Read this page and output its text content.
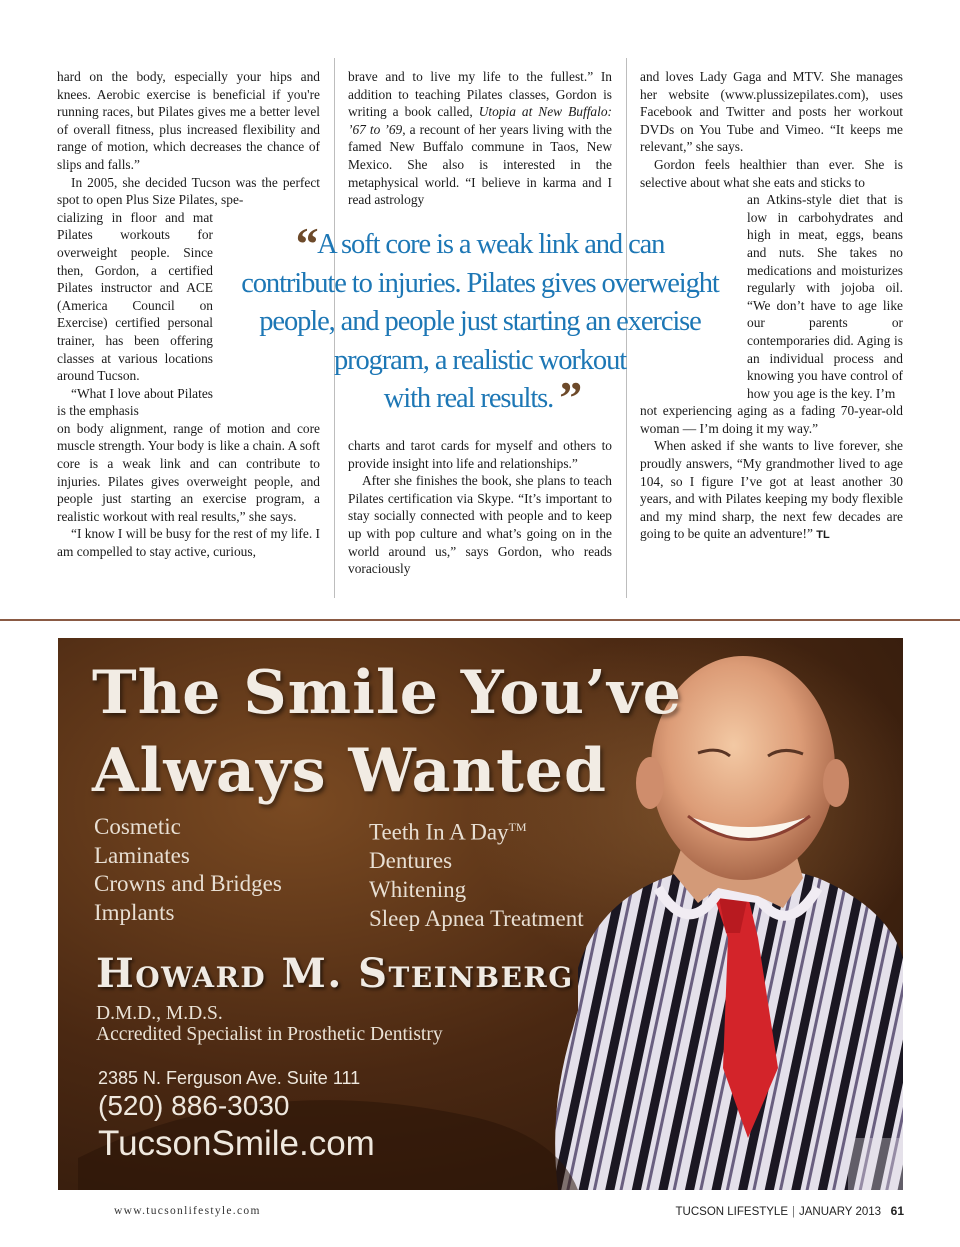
hard on the body, especially your hips and knees. Aerobic exercise is beneficial if you're running races, but Pilates gives me a better level of overall fitness, plus increased flexibility and range of motion, which decreases the chance of slips and falls.”

In 2005, she decided Tucson was the perfect spot to open Plus Size Pilates, spe-

cializing in floor and mat Pilates workouts for overweight people. Since then, Gordon, a certified Pilates instructor and ACE (America Council on Exercise) certified personal trainer, has been offering classes at various locations around Tucson.

“What I love about Pilates is the emphasis

on body alignment, range of motion and core muscle strength. Your body is like a chain. A soft core is a weak link and can contribute to injuries. Pilates gives overweight people, and people just starting an exercise program, a realistic workout with real results,” she says.

“I know I will be busy for the rest of my life. I am compelled to stay active, curious,

brave and to live my life to the fullest.” In addition to teaching Pilates classes, Gordon is writing a book called, Utopia at New Buffalo: ’67 to ’69, a recount of her years living with the famed New Buffalo commune in Taos, New Mexico. She also is interested in the metaphysical world. “I believe in karma and I read astrology

charts and tarot cards for myself and others to provide insight into life and relationships.”

After she finishes the book, she plans to teach Pilates certification via Skype. “It’s important to stay socially connected with people and to keep up with pop culture and what’s going on in the world around us,” says Gordon, who reads voraciously

and loves Lady Gaga and MTV. She manages her website (www.plussizepilates.com), uses Facebook and Twitter and posts her workout DVDs on You Tube and Vimeo. “It keeps me relevant,” she says.

Gordon feels healthier than ever. She is selective about what she eats and sticks to

an Atkins-style diet that is low in carbohydrates and high in meat, eggs, beans and nuts. She takes no medications and moisturizes regularly with jojoba oil. “We don’t have to age like our parents or contemporaries did. Aging is an individual process and knowing you have control of how you age is the key. I’m

not experiencing aging as a fading 70-year-old woman — I’m doing it my way.”

When asked if she wants to live forever, she proudly answers, “My grandmother lived to age 104, so I figure I’ve got at least another 30 years, and with Pilates keeping my body flexible and my mind sharp, the next few decades are going to be quite an adventure!” TL

“ A soft core is a weak link and can
contribute to injuries. Pilates gives overweight
people, and people just starting an exercise
program, a realistic workout
with real results. ”
The Smile You’ve
Always Wanted
Cosmetic
Laminates
Crowns and Bridges
Implants
Teeth In A Day™
Dentures
Whitening
Sleep Apnea Treatment
Howard M. Steinberg
D.M.D., M.D.S.
Accredited Specialist in Prosthetic Dentistry
2385 N. Ferguson Ave. Suite 111
(520) 886-3030
TucsonSmile.com
www.tucsonlifestyle.com	TUCSON LIFESTYLE | JANUARY 2013 61
